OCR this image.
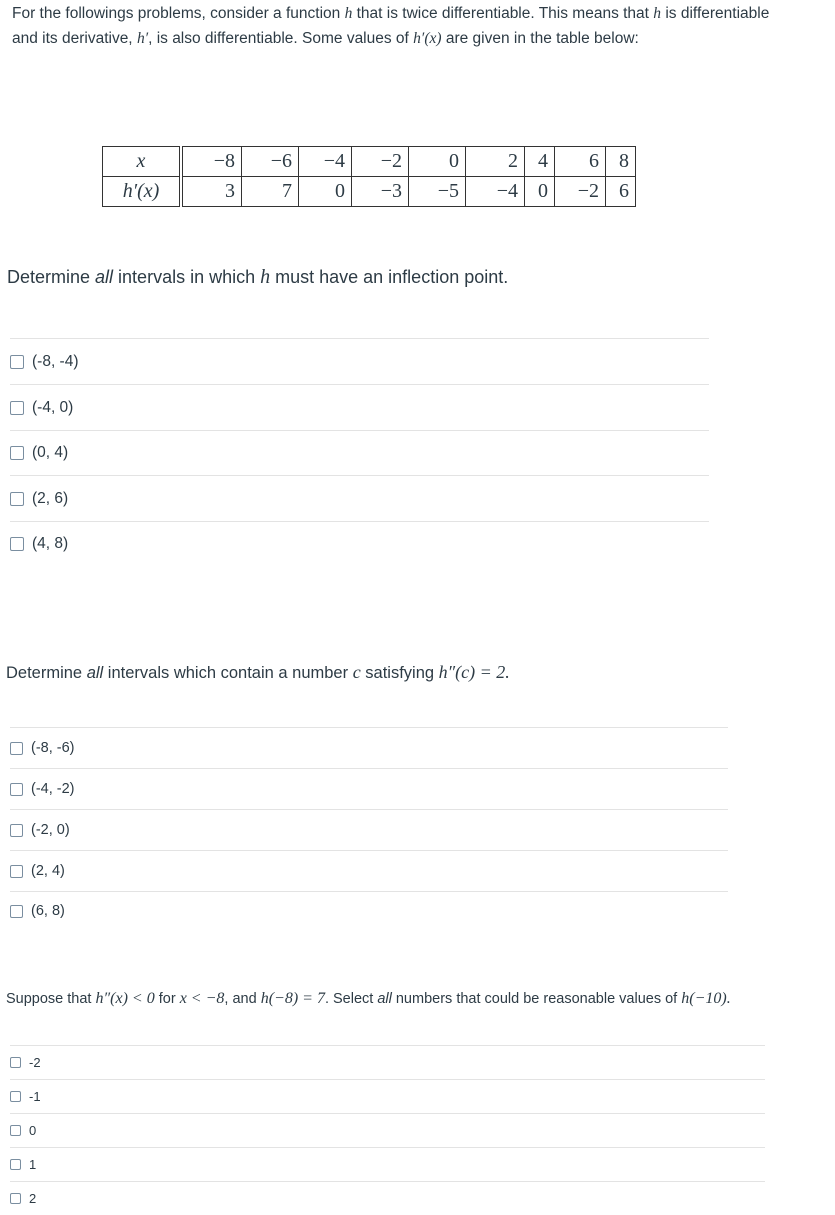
For the followings problems, consider a function h that is twice differentiable. This means that h is differentiable and its derivative, h′, is also differentiable. Some values of h′(x) are given in the table below:
x	−8	−6	−4	−2	0	2	4	6	8
h′(x)	3	7	0	−3	−5	−4	0	−2	6
Determine all intervals in which h must have an inflection point.
(-8, -4)
(-4, 0)
(0, 4)
(2, 6)
(4, 8)
Determine all intervals which contain a number c satisfying h″(c) = 2.
(-8, -6)
(-4, -2)
(-2, 0)
(2, 4)
(6, 8)
Suppose that h″(x) < 0 for x < −8, and h(−8) = 7. Select all numbers that could be reasonable values of h(−10).
-2
-1
0
1
2
